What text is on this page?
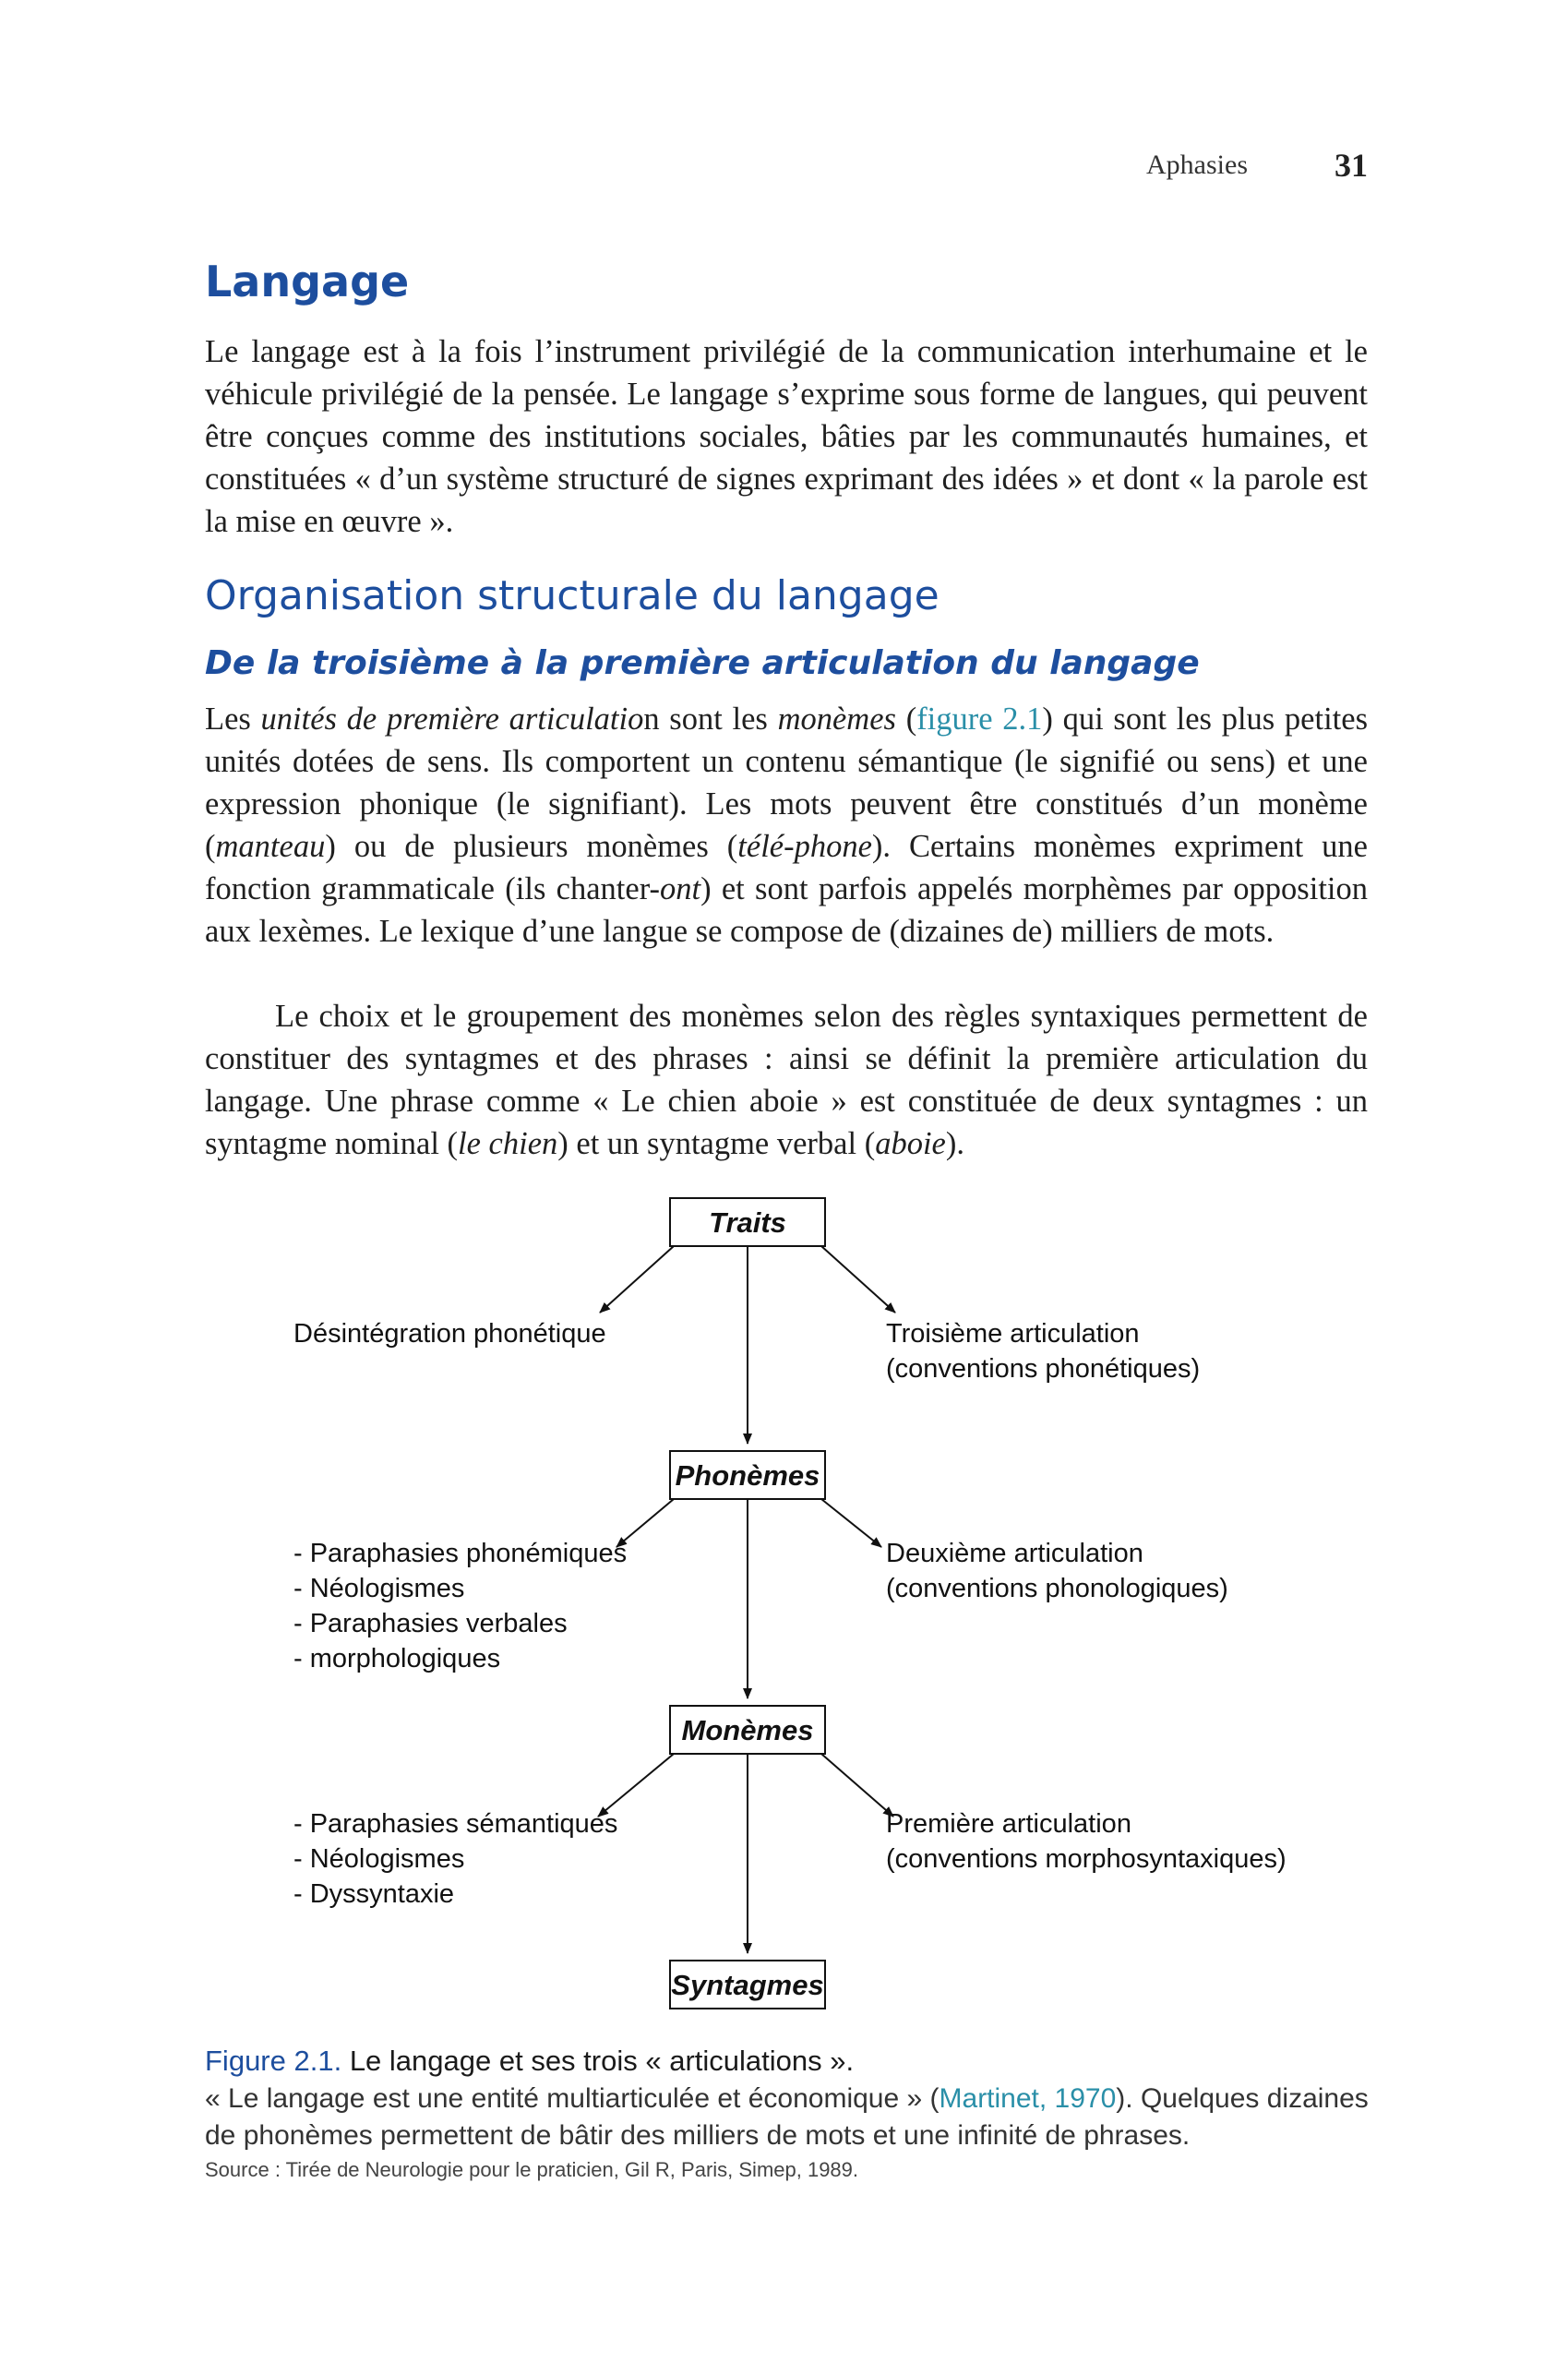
Aphasies	31
Langage

Le langage est à la fois l’instrument privilégié de la communication interhumaine et le véhicule privilégié de la pensée. Le langage s’exprime sous forme de langues, qui peuvent être conçues comme des institutions sociales, bâties par les communautés humaines, et constituées « d’un système structuré de signes exprimant des idées » et dont « la parole est la mise en œuvre ».

Organisation structurale du langage
De la troisième à la première articulation du langage

Les unités de première articulation sont les monèmes (figure 2.1) qui sont les plus petites unités dotées de sens. Ils comportent un contenu sémantique (le signifié ou sens) et une expression phonique (le signifiant). Les mots peuvent être constitués d’un monème (manteau) ou de plusieurs monèmes (télé-phone). Certains monèmes expriment une fonction grammaticale (ils chanter-ont) et sont parfois appelés morphèmes par opposition aux lexèmes. Le lexique d’une langue se compose de (dizaines de) milliers de mots.

Le choix et le groupement des monèmes selon des règles syntaxiques permettent de constituer des syntagmes et des phrases : ainsi se définit la première articulation du langage. Une phrase comme « Le chien aboie » est constituée de deux syntagmes : un syntagme nominal (le chien) et un syntagme verbal (aboie).

Traits
Phonèmes
Monèmes
Syntagmes
Désintégration phonétique
- Paraphasies phonémiques
- Néologismes
- Paraphasies verbales
- morphologiques
- Paraphasies sémantiques
- Néologismes
- Dyssyntaxie
Troisième articulation
(conventions phonétiques)
Deuxième articulation
(conventions phonologiques)
Première articulation
(conventions morphosyntaxiques)
Figure 2.1. Le langage et ses trois « articulations ».
« Le langage est une entité multiarticulée et économique » (Martinet, 1970). Quelques dizaines de phonèmes permettent de bâtir des milliers de mots et une infinité de phrases.
Source : Tirée de Neurologie pour le praticien, Gil R, Paris, Simep, 1989.
